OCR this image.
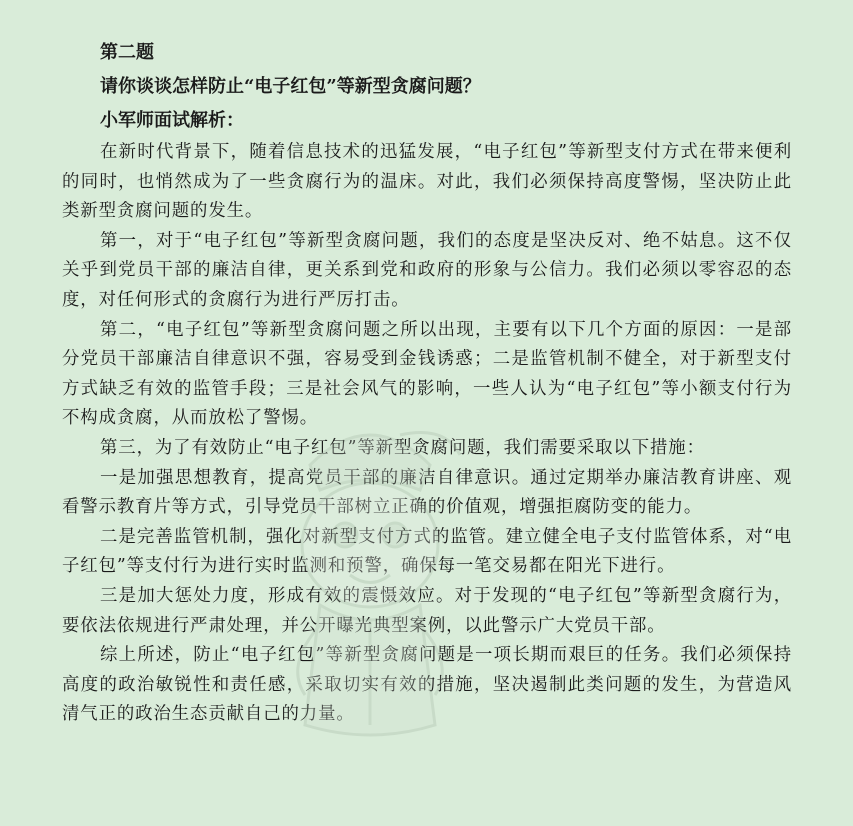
第二题

请你谈谈怎样防止“电子红包”等新型贪腐问题？

小军师面试解析：

在新时代背景下，随着信息技术的迅猛发展，“电子红包”等新型支付方式在带来便利的同时，也悄然成为了一些贪腐行为的温床。对此，我们必须保持高度警惕，坚决防止此类新型贪腐问题的发生。

第一，对于“电子红包”等新型贪腐问题，我们的态度是坚决反对、绝不姑息。这不仅关乎到党员干部的廉洁自律，更关系到党和政府的形象与公信力。我们必须以零容忍的态度，对任何形式的贪腐行为进行严厉打击。

第二，“电子红包”等新型贪腐问题之所以出现，主要有以下几个方面的原因：一是部分党员干部廉洁自律意识不强，容易受到金钱诱惑；二是监管机制不健全，对于新型支付方式缺乏有效的监管手段；三是社会风气的影响，一些人认为“电子红包”等小额支付行为不构成贪腐，从而放松了警惕。

第三，为了有效防止“电子红包”等新型贪腐问题，我们需要采取以下措施：

一是加强思想教育，提高党员干部的廉洁自律意识。通过定期举办廉洁教育讲座、观看警示教育片等方式，引导党员干部树立正确的价值观，增强拒腐防变的能力。

二是完善监管机制，强化对新型支付方式的监管。建立健全电子支付监管体系，对“电子红包”等支付行为进行实时监测和预警，确保每一笔交易都在阳光下进行。

三是加大惩处力度，形成有效的震慑效应。对于发现的“电子红包”等新型贪腐行为，要依法依规进行严肃处理，并公开曝光典型案例，以此警示广大党员干部。

综上所述，防止“电子红包”等新型贪腐问题是一项长期而艰巨的任务。我们必须保持高度的政治敏锐性和责任感，采取切实有效的措施，坚决遏制此类问题的发生，为营造风清气正的政治生态贡献自己的力量。
